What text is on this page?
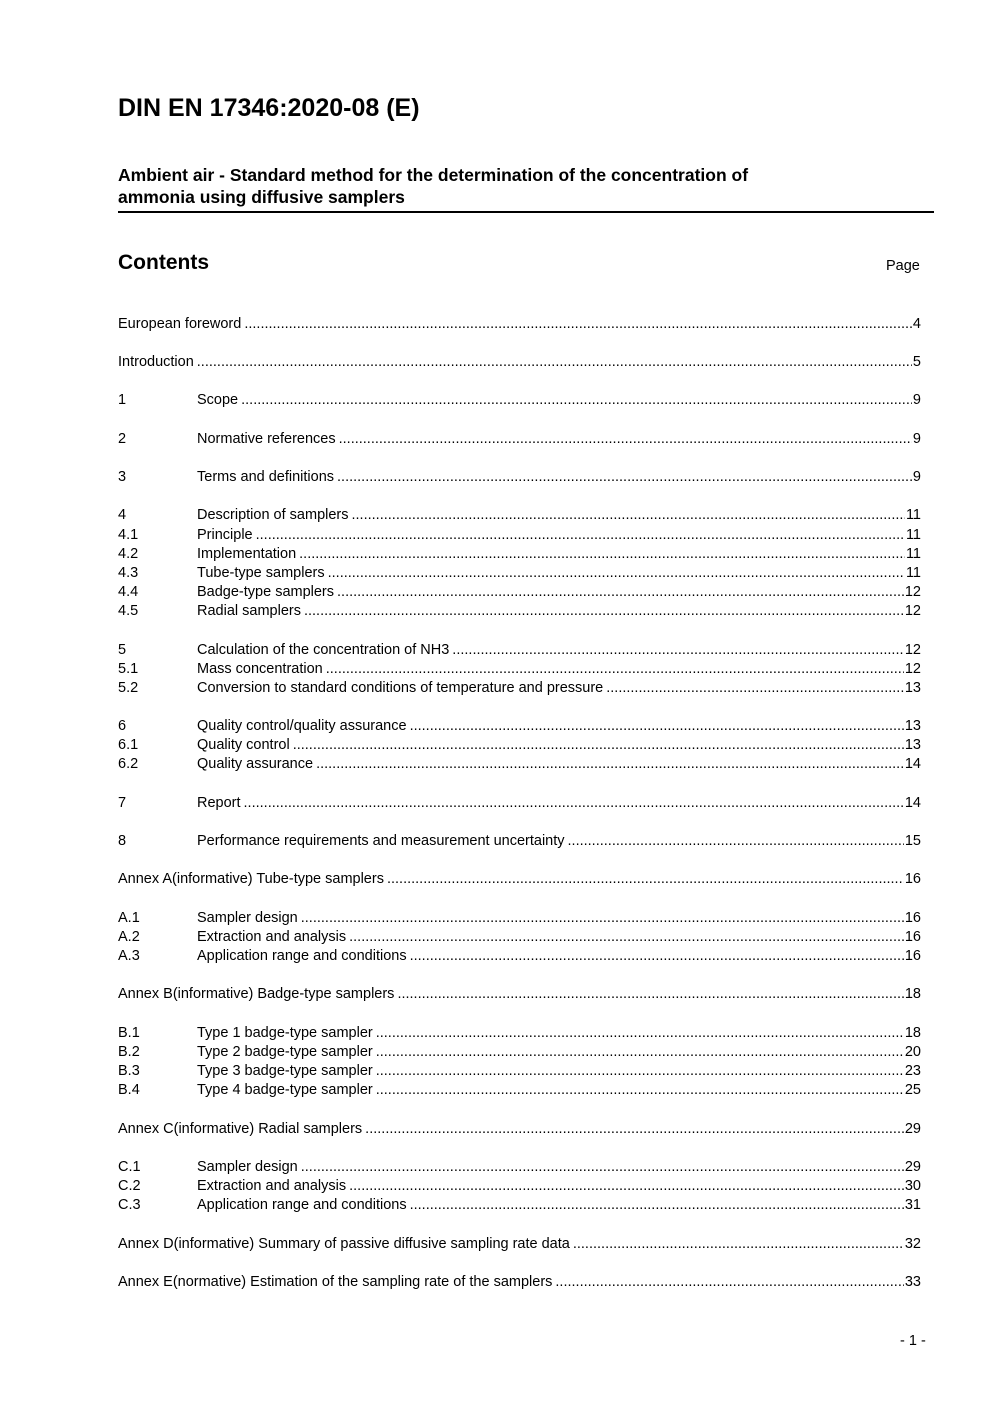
DIN EN 17346:2020-08 (E)
Ambient air - Standard method for the determination of the concentration of
ammonia using diffusive samplers
Contents	Page
European foreword .....	4
Introduction .....	5
1	Scope .....	9
2	Normative references .....	9
3	Terms and definitions .....	9
4	Description of samplers .....	11
4.1	Principle .....	11
4.2	Implementation .....	11
4.3	Tube-type samplers .....	11
4.4	Badge-type samplers .....	12
4.5	Radial samplers .....	12
5	Calculation of the concentration of NH3 .....	12
5.1	Mass concentration .....	12
5.2	Conversion to standard conditions of temperature and pressure .....	13
6	Quality control/quality assurance .....	13
6.1	Quality control .....	13
6.2	Quality assurance .....	14
7	Report .....	14
8	Performance requirements and measurement uncertainty .....	15
Annex A(informative) Tube-type samplers .....	16
A.1	Sampler design .....	16
A.2	Extraction and analysis .....	16
A.3	Application range and conditions .....	16
Annex B(informative) Badge-type samplers .....	18
B.1	Type 1 badge-type sampler .....	18
B.2	Type 2 badge-type sampler .....	20
B.3	Type 3 badge-type sampler .....	23
B.4	Type 4 badge-type sampler .....	25
Annex C(informative) Radial samplers .....	29
C.1	Sampler design .....	29
C.2	Extraction and analysis .....	30
C.3	Application range and conditions .....	31
Annex D(informative) Summary of passive diffusive sampling rate data .....	32
Annex E(normative) Estimation of the sampling rate of the samplers .....	33
- 1 -
